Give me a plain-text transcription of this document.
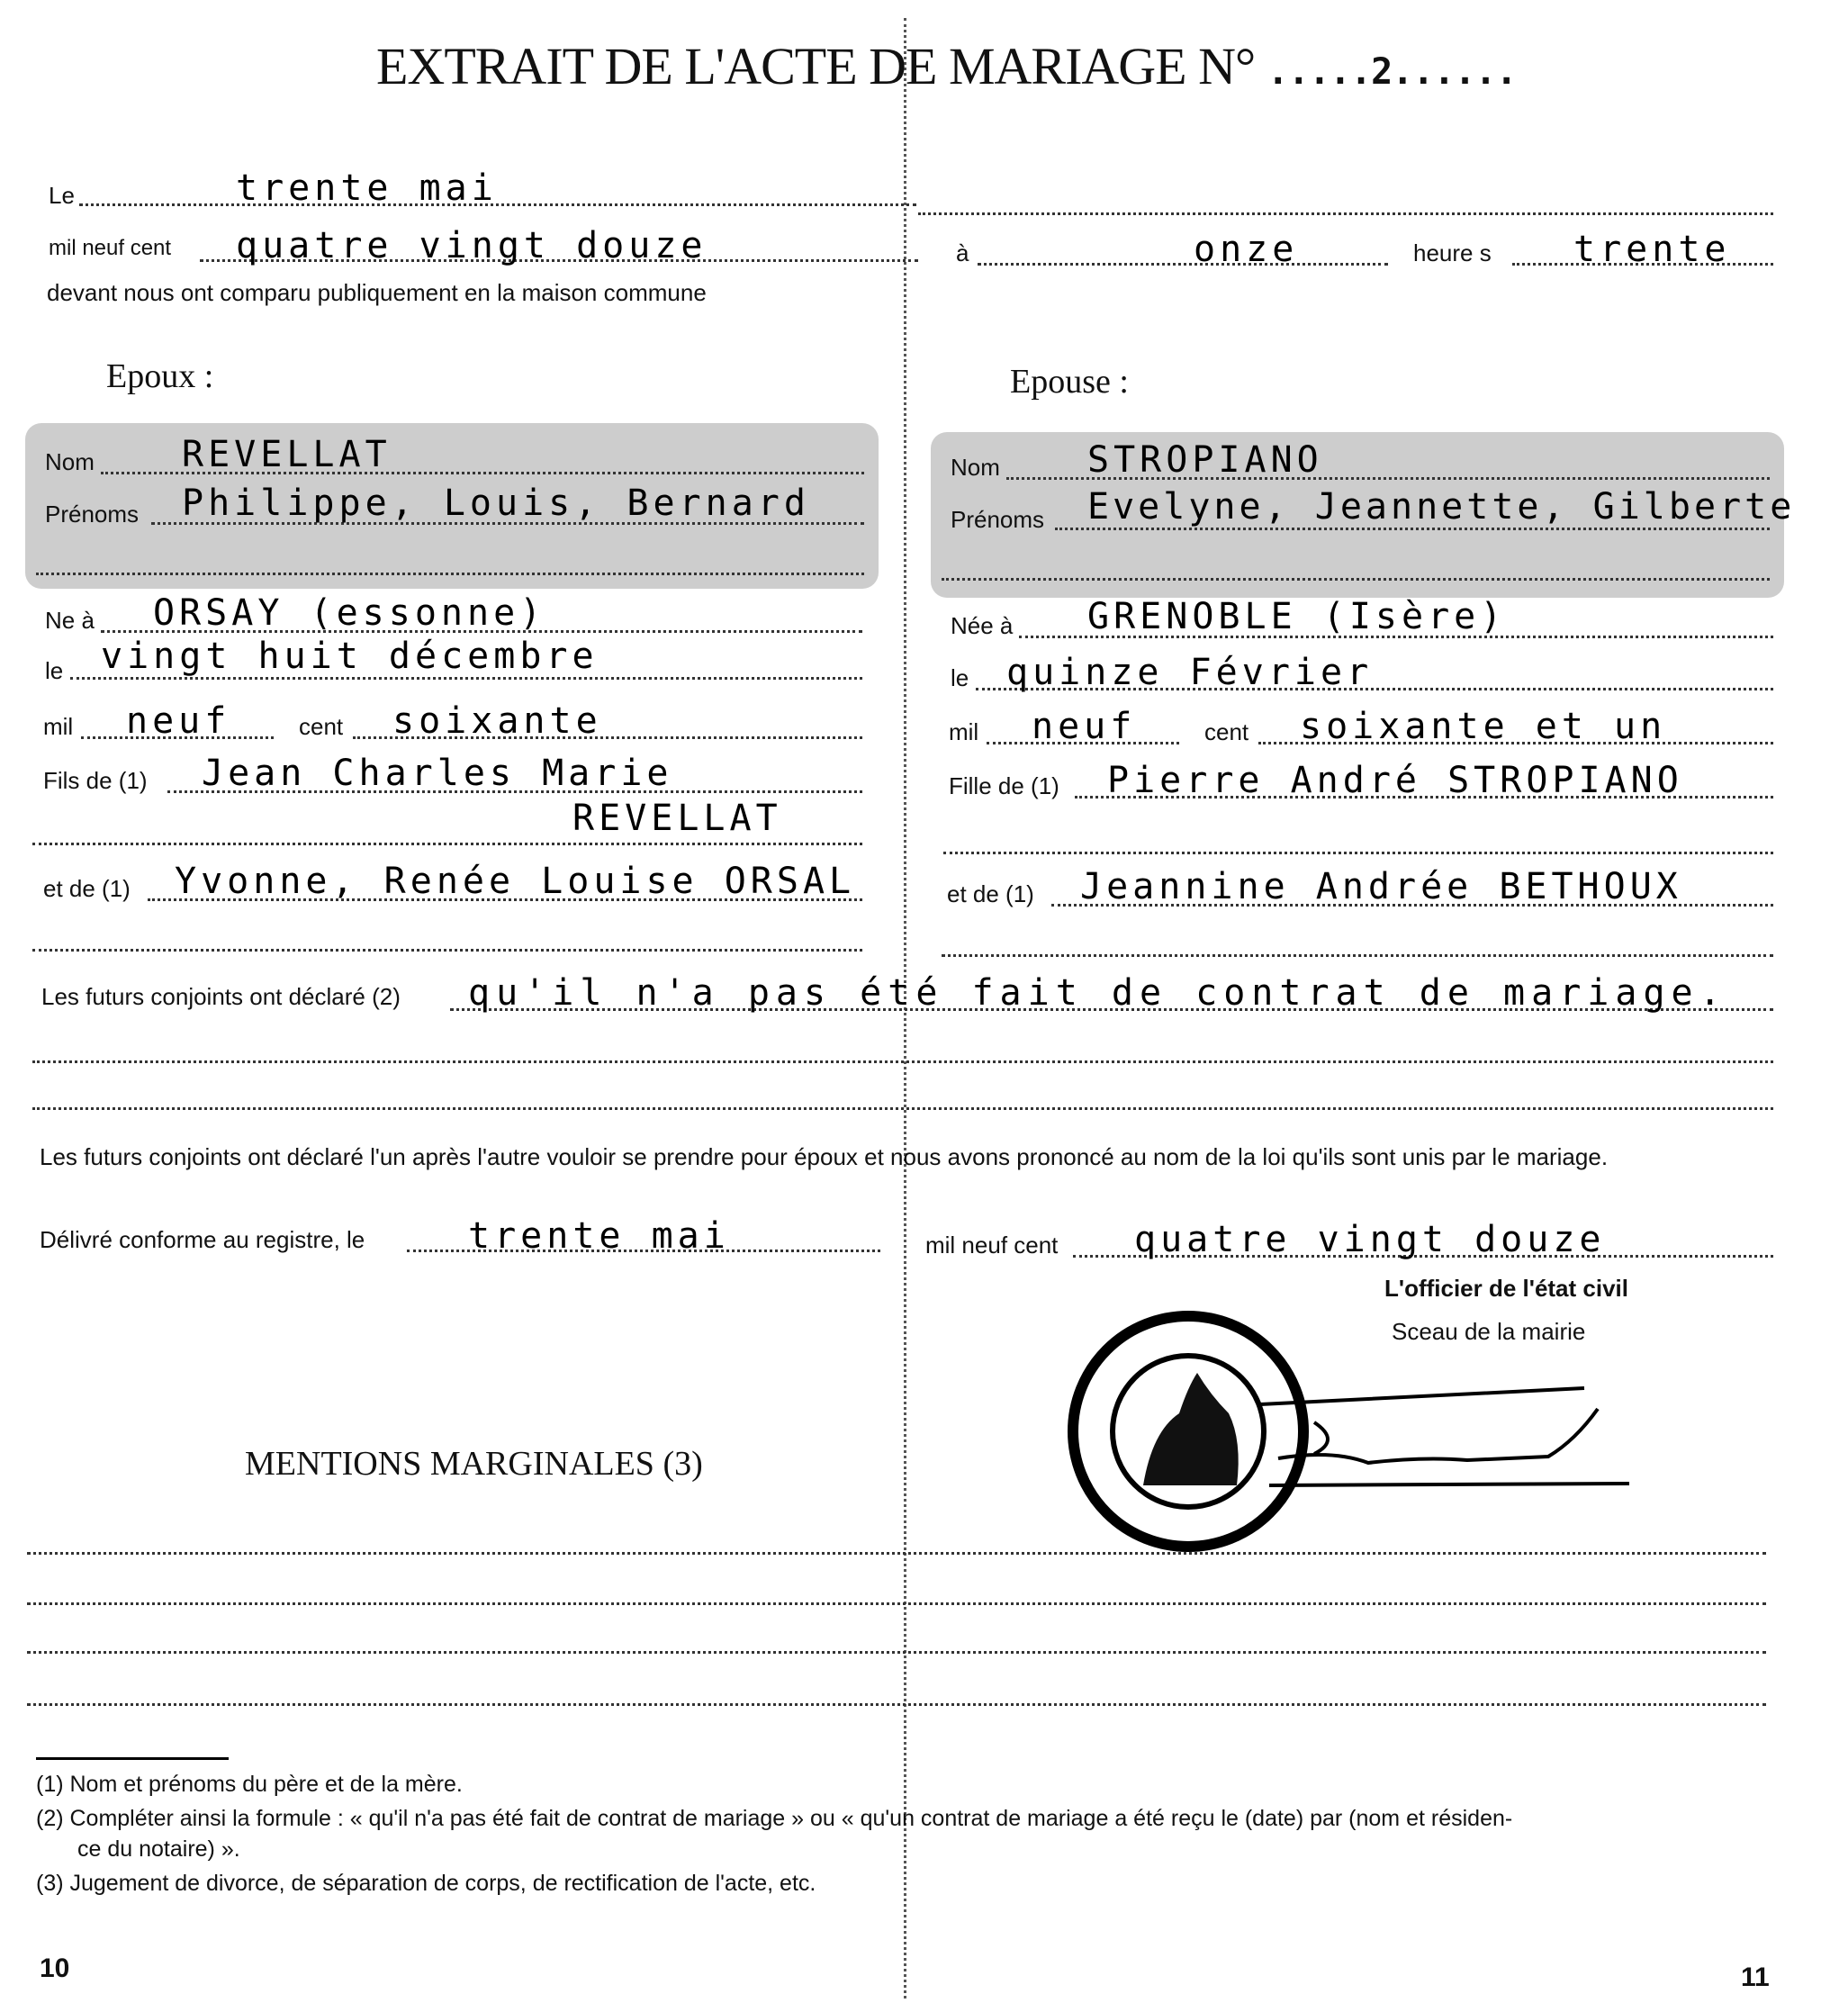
EXTRAIT DE L'ACTE DE MARIAGE N° .....2......
Le	trente mai
mil neuf cent quatre vingt douze	à	onze	heure s trente
devant nous ont comparu publiquement en la maison commune
Epoux :	Epouse :
Nom REVELLAT
Prénoms Philippe, Louis, Bernard
Nom STROPIANO
Prénoms Evelyne, Jeannette, Gilberte
Ne à ORSAY (essonne)
le vingt huit décembre
mil neuf	cent soixante
Fils de (1) Jean Charles Marie
REVELLAT
et de (1) Yvonne, Renée Louise ORSAL
Née à GRENOBLE (Isère)
le quinze Février
mil neuf	cent soixante et un
Fille de (1) Pierre André STROPIANO
et de (1) Jeannine Andrée BETHOUX
Les futurs conjoints ont déclaré (2) qu'il n'a pas été fait de contrat de mariage.
Les futurs conjoints ont déclaré l'un après l'autre vouloir se prendre pour époux et nous avons prononcé au nom de la loi qu'ils sont unis par le mariage.
Délivré conforme au registre, le	trente mai	mil neuf cent quatre vingt douze
L'officier de l'état civil
Sceau de la mairie
MENTIONS MARGINALES (3)
(1) Nom et prénoms du père et de la mère.
(2) Compléter ainsi la formule : « qu'il n'a pas été fait de contrat de mariage » ou « qu'un contrat de mariage a été reçu le (date) par (nom et résiden-
ce du notaire) ».
(3) Jugement de divorce, de séparation de corps, de rectification de l'acte, etc.
10	11
